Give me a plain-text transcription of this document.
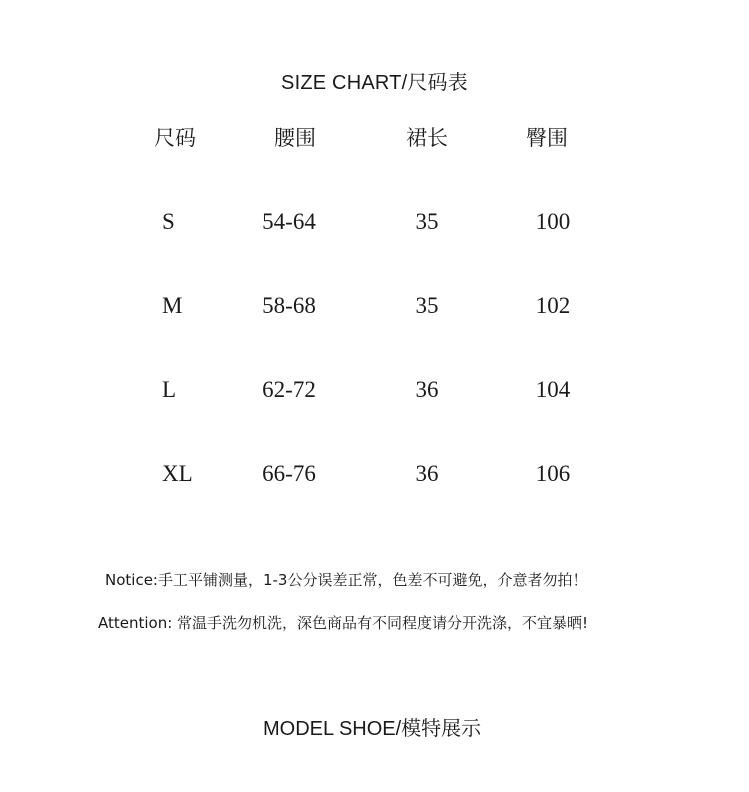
SIZE CHART/尺码表
尺码	腰围	裙长	臀围
S	54-64	35	100
M	58-68	35	102
L	62-72	36	104
XL	66-76	36	106
Notice:手工平铺测量，1-3公分误差正常，色差不可避免，介意者勿拍！
Attention: 常温手洗勿机洗，深色商品有不同程度请分开洗涤，不宜暴晒!
MODEL SHOE/模特展示
